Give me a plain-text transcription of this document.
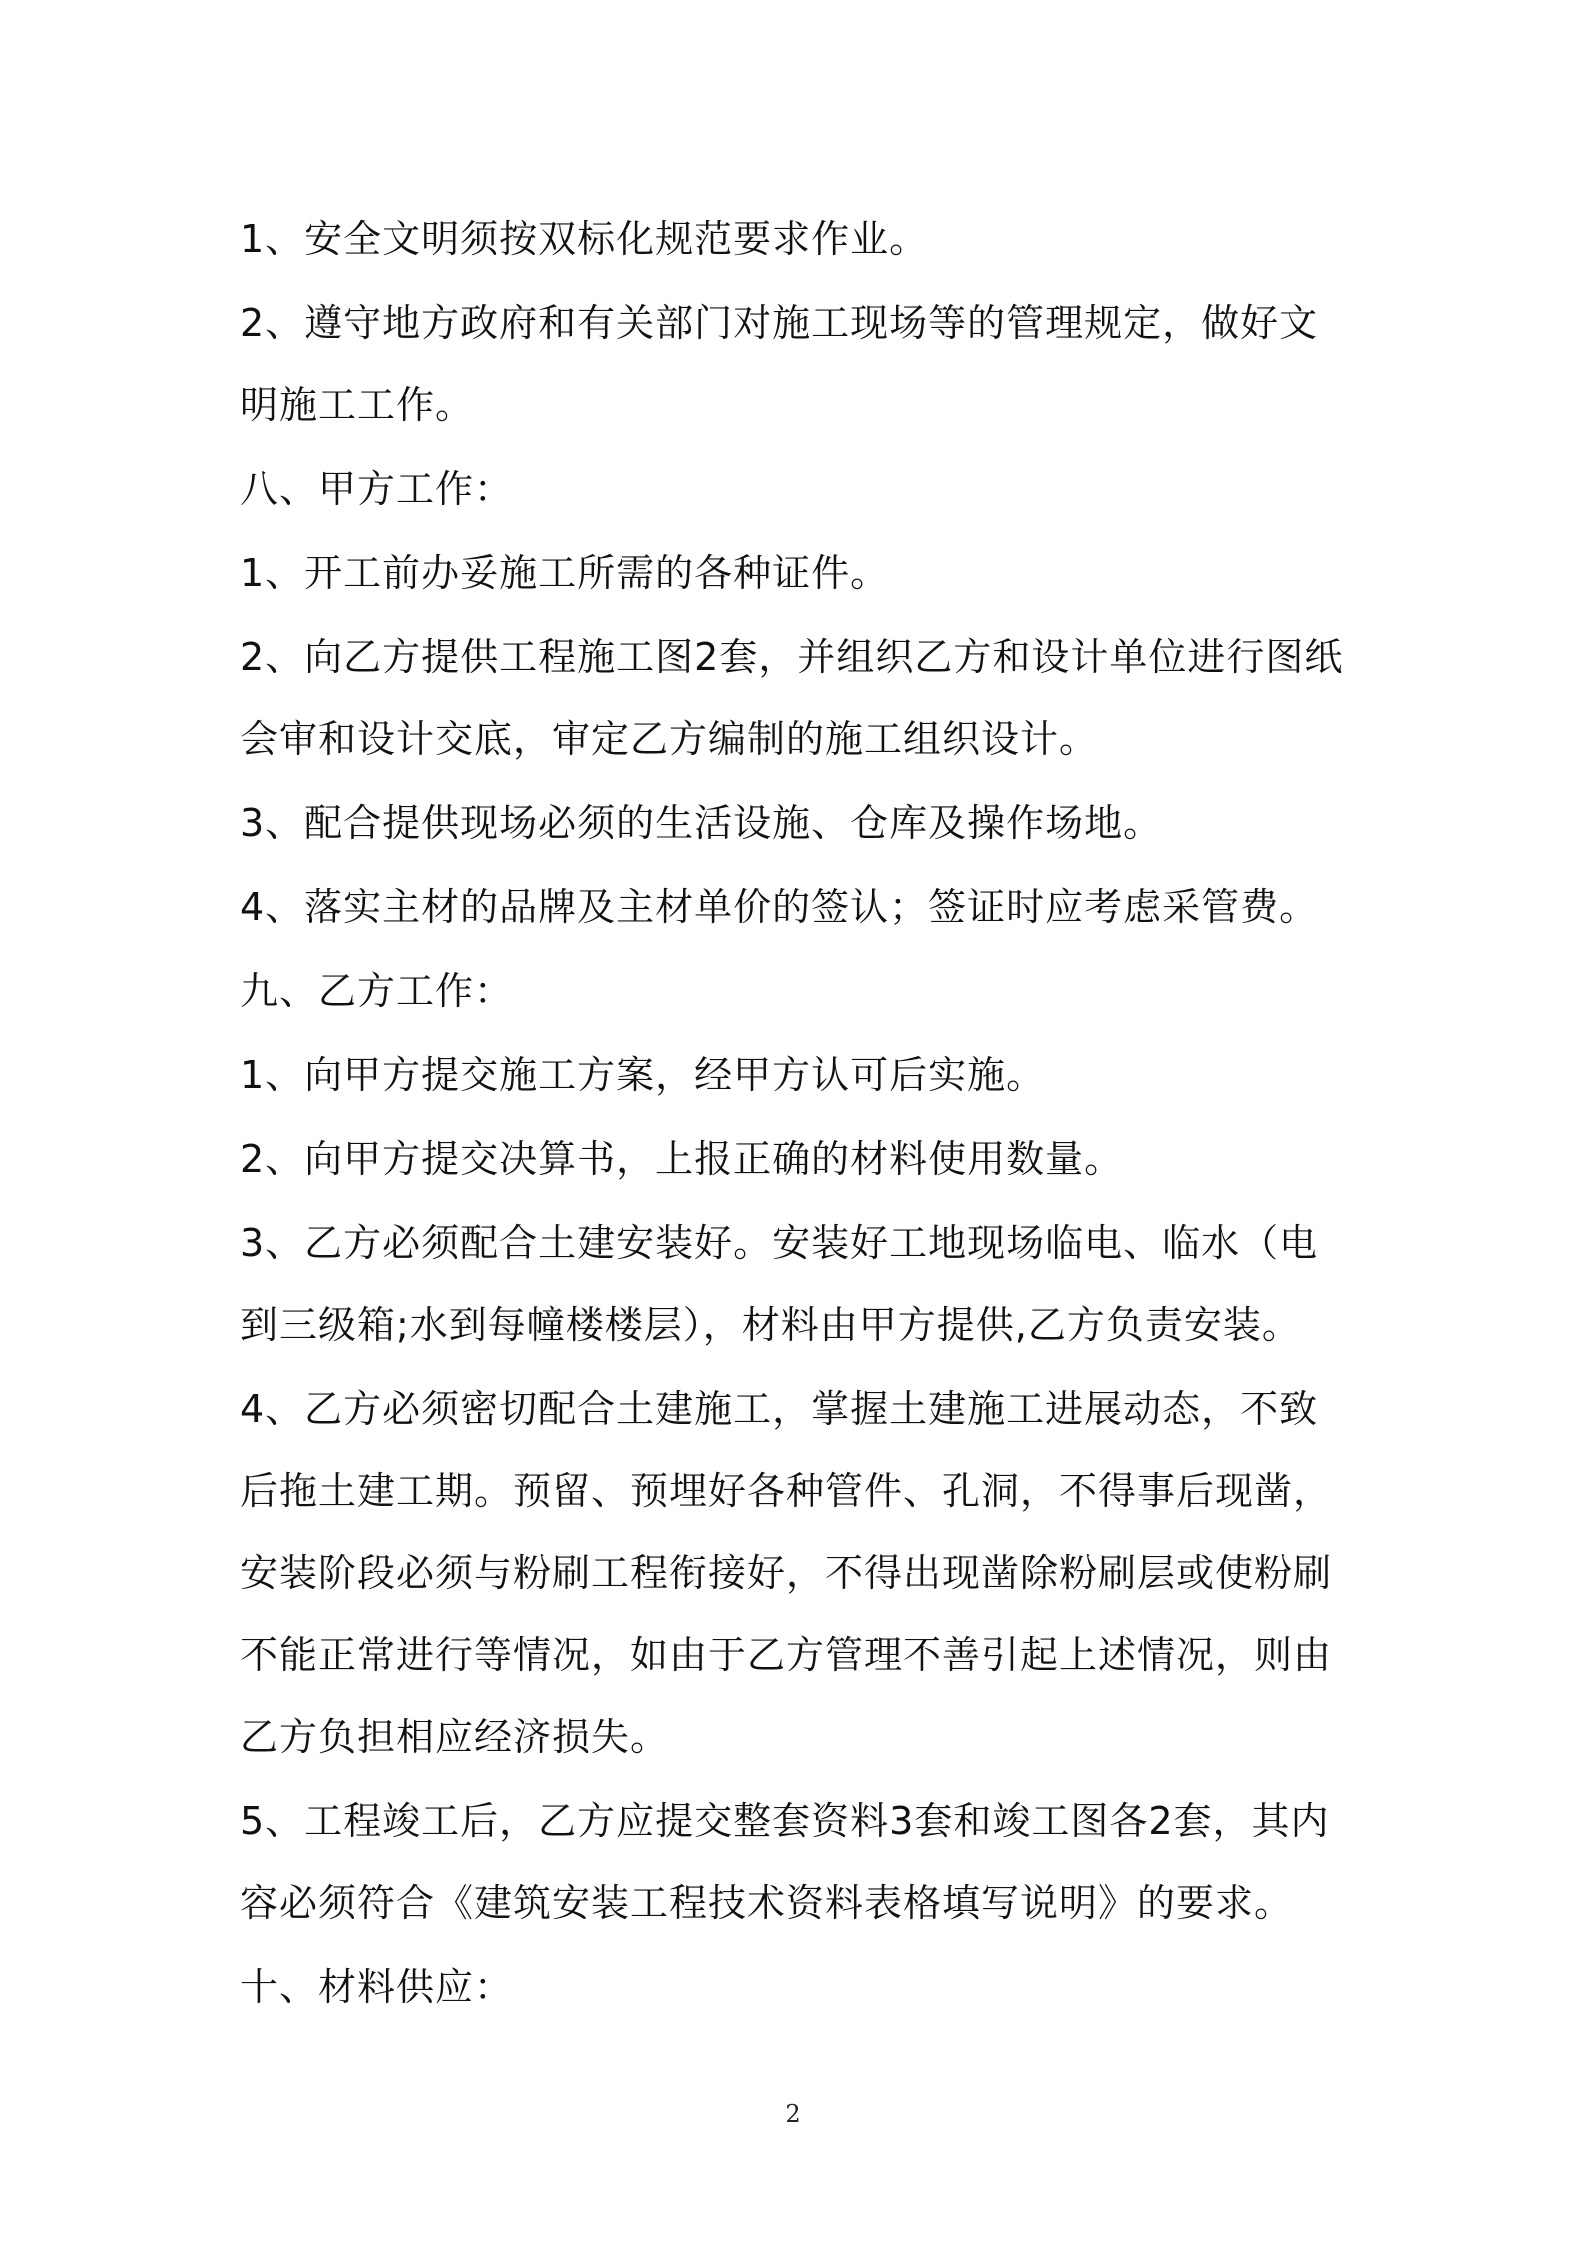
1、安全文明须按双标化规范要求作业。

2、遵守地方政府和有关部门对施工现场等的管理规定，做好文明施工工作。

八、甲方工作：

1、开工前办妥施工所需的各种证件。

2、向乙方提供工程施工图2套，并组织乙方和设计单位进行图纸会审和设计交底，审定乙方编制的施工组织设计。

3、配合提供现场必须的生活设施、仓库及操作场地。

4、落实主材的品牌及主材单价的签认；签证时应考虑采管费。

九、乙方工作：

1、向甲方提交施工方案，经甲方认可后实施。

2、向甲方提交决算书，上报正确的材料使用数量。

3、乙方必须配合土建安装好。安装好工地现场临电、临水（电到三级箱;水到每幢楼楼层），材料由甲方提供,乙方负责安装。

4、乙方必须密切配合土建施工，掌握土建施工进展动态，不致后拖土建工期。预留、预埋好各种管件、孔洞，不得事后现凿，安装阶段必须与粉刷工程衔接好，不得出现凿除粉刷层或使粉刷不能正常进行等情况，如由于乙方管理不善引起上述情况，则由乙方负担相应经济损失。

5、工程竣工后，乙方应提交整套资料3套和竣工图各2套，其内容必须符合《建筑安装工程技术资料表格填写说明》的要求。

十、材料供应：

2
